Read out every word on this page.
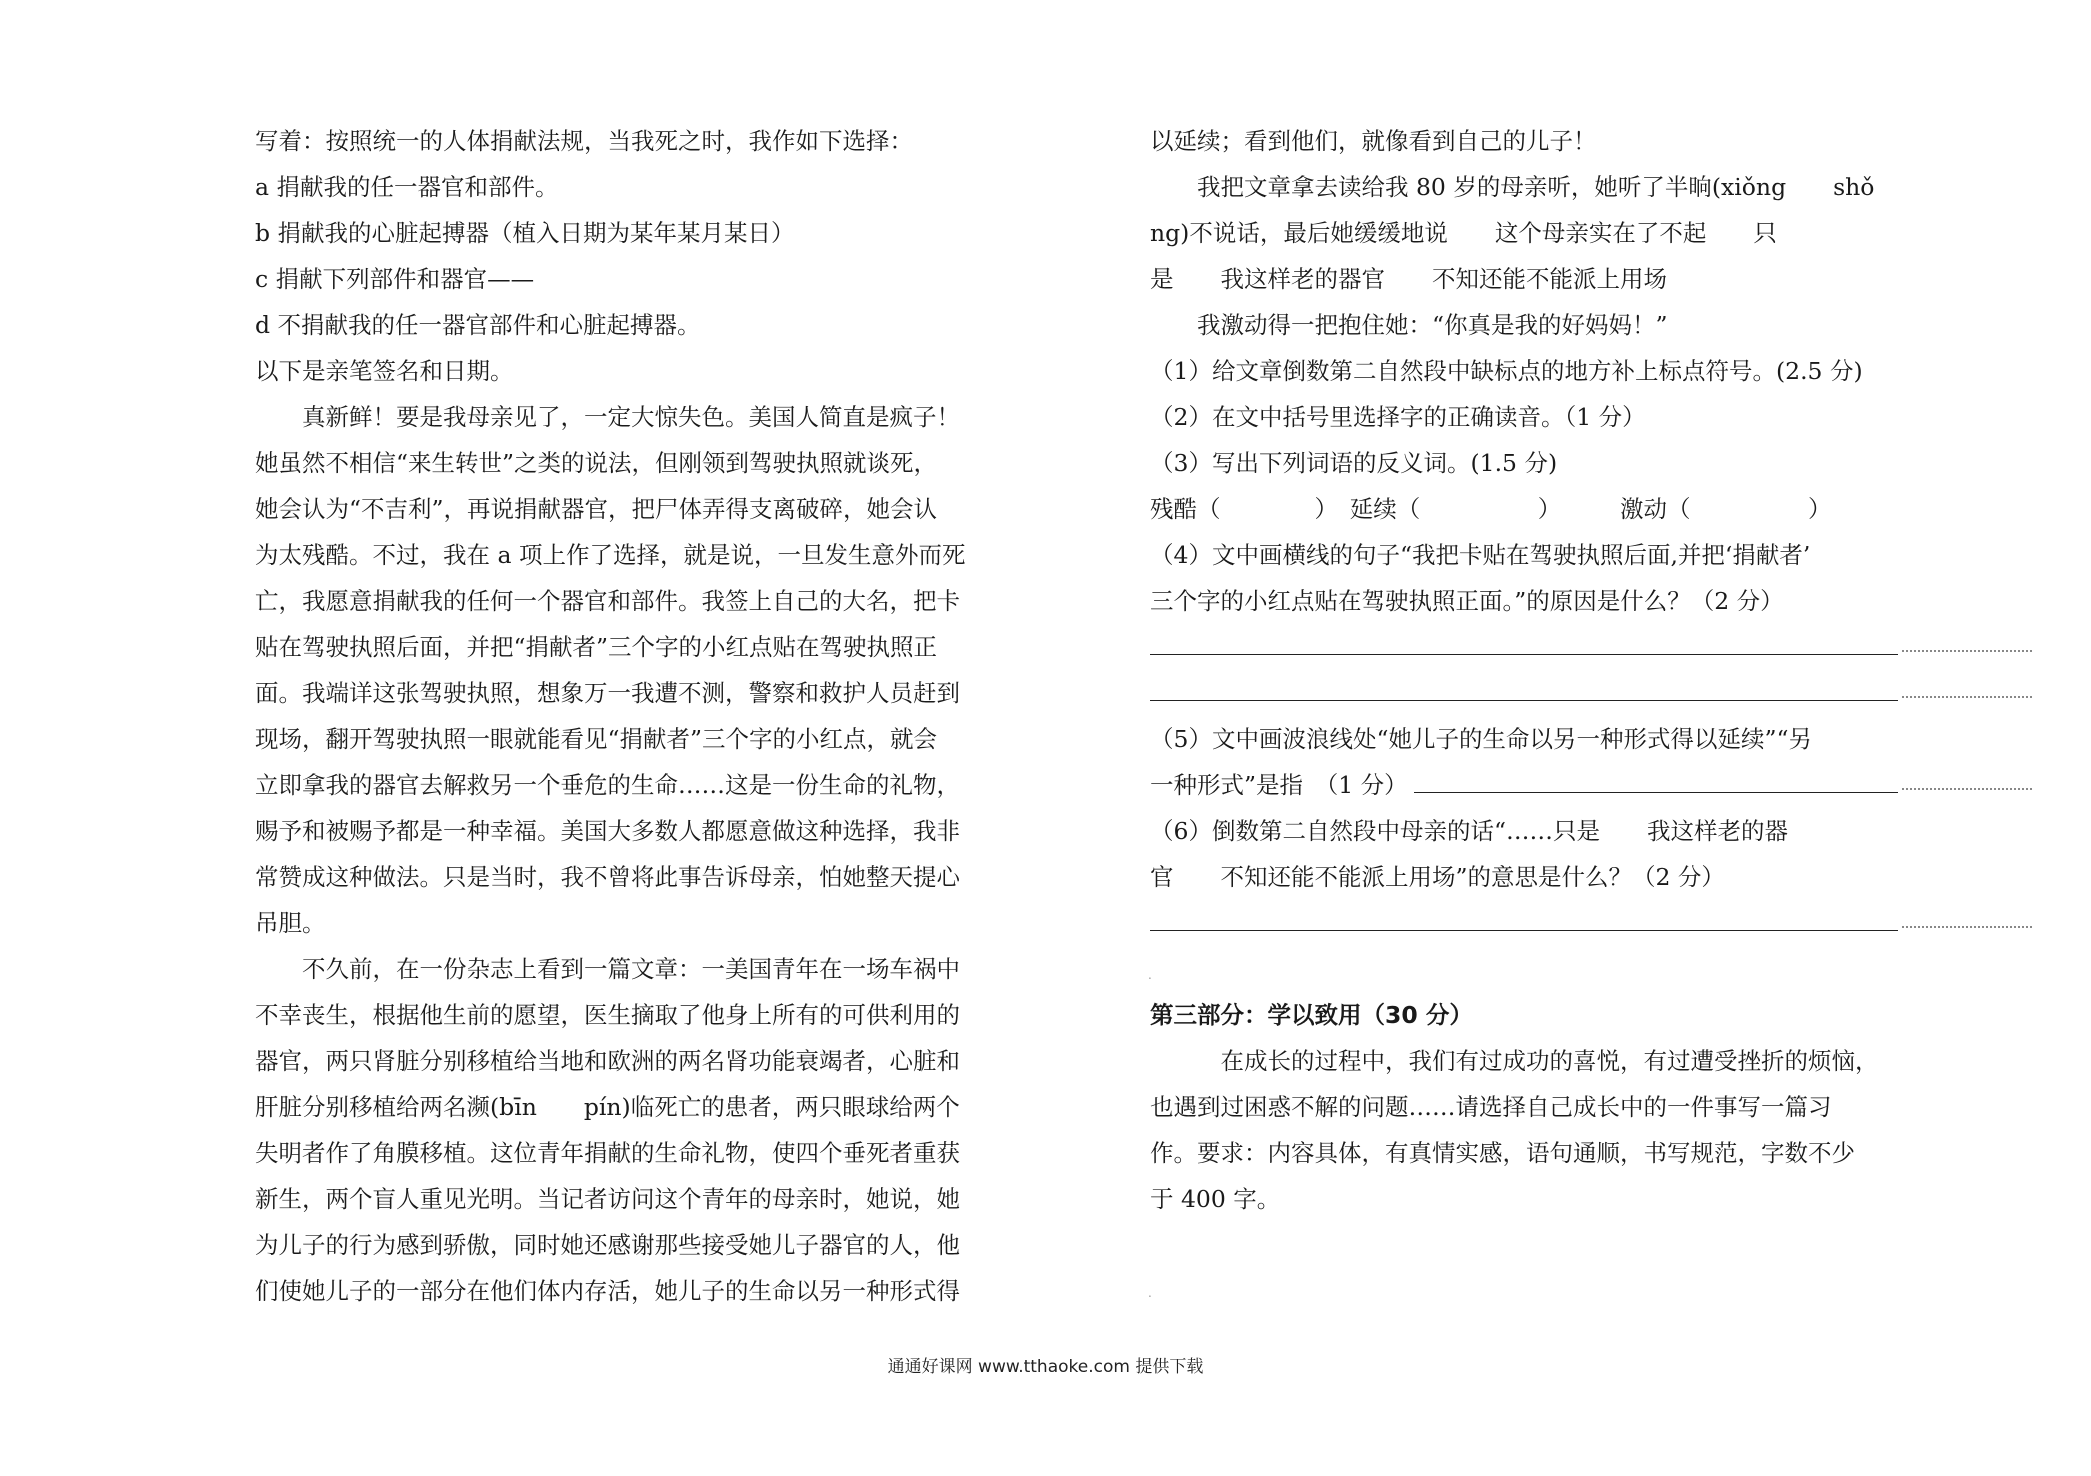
写着：按照统一的人体捐献法规，当我死之时，我作如下选择：
a 捐献我的任一器官和部件。
b 捐献我的心脏起搏器（植入日期为某年某月某日）
c 捐献下列部件和器官——
d 不捐献我的任一器官部件和心脏起搏器。
以下是亲笔签名和日期。
　　真新鲜！要是我母亲见了，一定大惊失色。美国人简直是疯子！
她虽然不相信“来生转世”之类的说法，但刚领到驾驶执照就谈死，
她会认为“不吉利”，再说捐献器官，把尸体弄得支离破碎，她会认
为太残酷。不过，我在 a 项上作了选择，就是说，一旦发生意外而死
亡，我愿意捐献我的任何一个器官和部件。我签上自己的大名，把卡
贴在驾驶执照后面，并把“捐献者”三个字的小红点贴在驾驶执照正
面。我端详这张驾驶执照，想象万一我遭不测，警察和救护人员赶到
现场，翻开驾驶执照一眼就能看见“捐献者”三个字的小红点，就会
立即拿我的器官去解救另一个垂危的生命……这是一份生命的礼物，
赐予和被赐予都是一种幸福。美国大多数人都愿意做这种选择，我非
常赞成这种做法。只是当时，我不曾将此事告诉母亲，怕她整天提心
吊胆。
　　不久前，在一份杂志上看到一篇文章：一美国青年在一场车祸中
不幸丧生，根据他生前的愿望，医生摘取了他身上所有的可供利用的
器官，两只肾脏分别移植给当地和欧洲的两名肾功能衰竭者，心脏和
肝脏分别移植给两名濒(bīn　　pín)临死亡的患者，两只眼球给两个
失明者作了角膜移植。这位青年捐献的生命礼物，使四个垂死者重获
新生，两个盲人重见光明。当记者访问这个青年的母亲时，她说，她
为儿子的行为感到骄傲，同时她还感谢那些接受她儿子器官的人，他
们使她儿子的一部分在他们体内存活，她儿子的生命以另一种形式得
以延续；看到他们，就像看到自己的儿子！
　　我把文章拿去读给我 80 岁的母亲听，她听了半晌(xiǒng　　shǒ
ng)不说话，最后她缓缓地说　　这个母亲实在了不起　　只
是　　我这样老的器官　　不知还能不能派上用场
　　我激动得一把抱住她：“你真是我的好妈妈！”
（1）给文章倒数第二自然段中缺标点的地方补上标点符号。(2.5 分)
（2）在文中括号里选择字的正确读音。（1 分）
（3）写出下列词语的反义词。(1.5 分)
残酷（　　　　）　延续（　　　　　）　　　激动（　　　　　）
（4）文中画横线的句子“我把卡贴在驾驶执照后面,并把‘捐献者’
三个字的小红点贴在驾驶执照正面。”的原因是什么？（2 分）
（5）文中画波浪线处“她儿子的生命以另一种形式得以延续”“另
一种形式”是指　（1 分）
（6）倒数第二自然段中母亲的话“……只是　　我这样老的器
官　　不知还能不能派上用场”的意思是什么？（2 分）
第三部分：学以致用（30 分）
　　　在成长的过程中，我们有过成功的喜悦，有过遭受挫折的烦恼，
也遇到过困惑不解的问题……请选择自己成长中的一件事写一篇习
作。要求：内容具体，有真情实感，语句通顺，书写规范，字数不少
于 400 字。
.
.
通通好课网 www.tthaoke.com 提供下载
